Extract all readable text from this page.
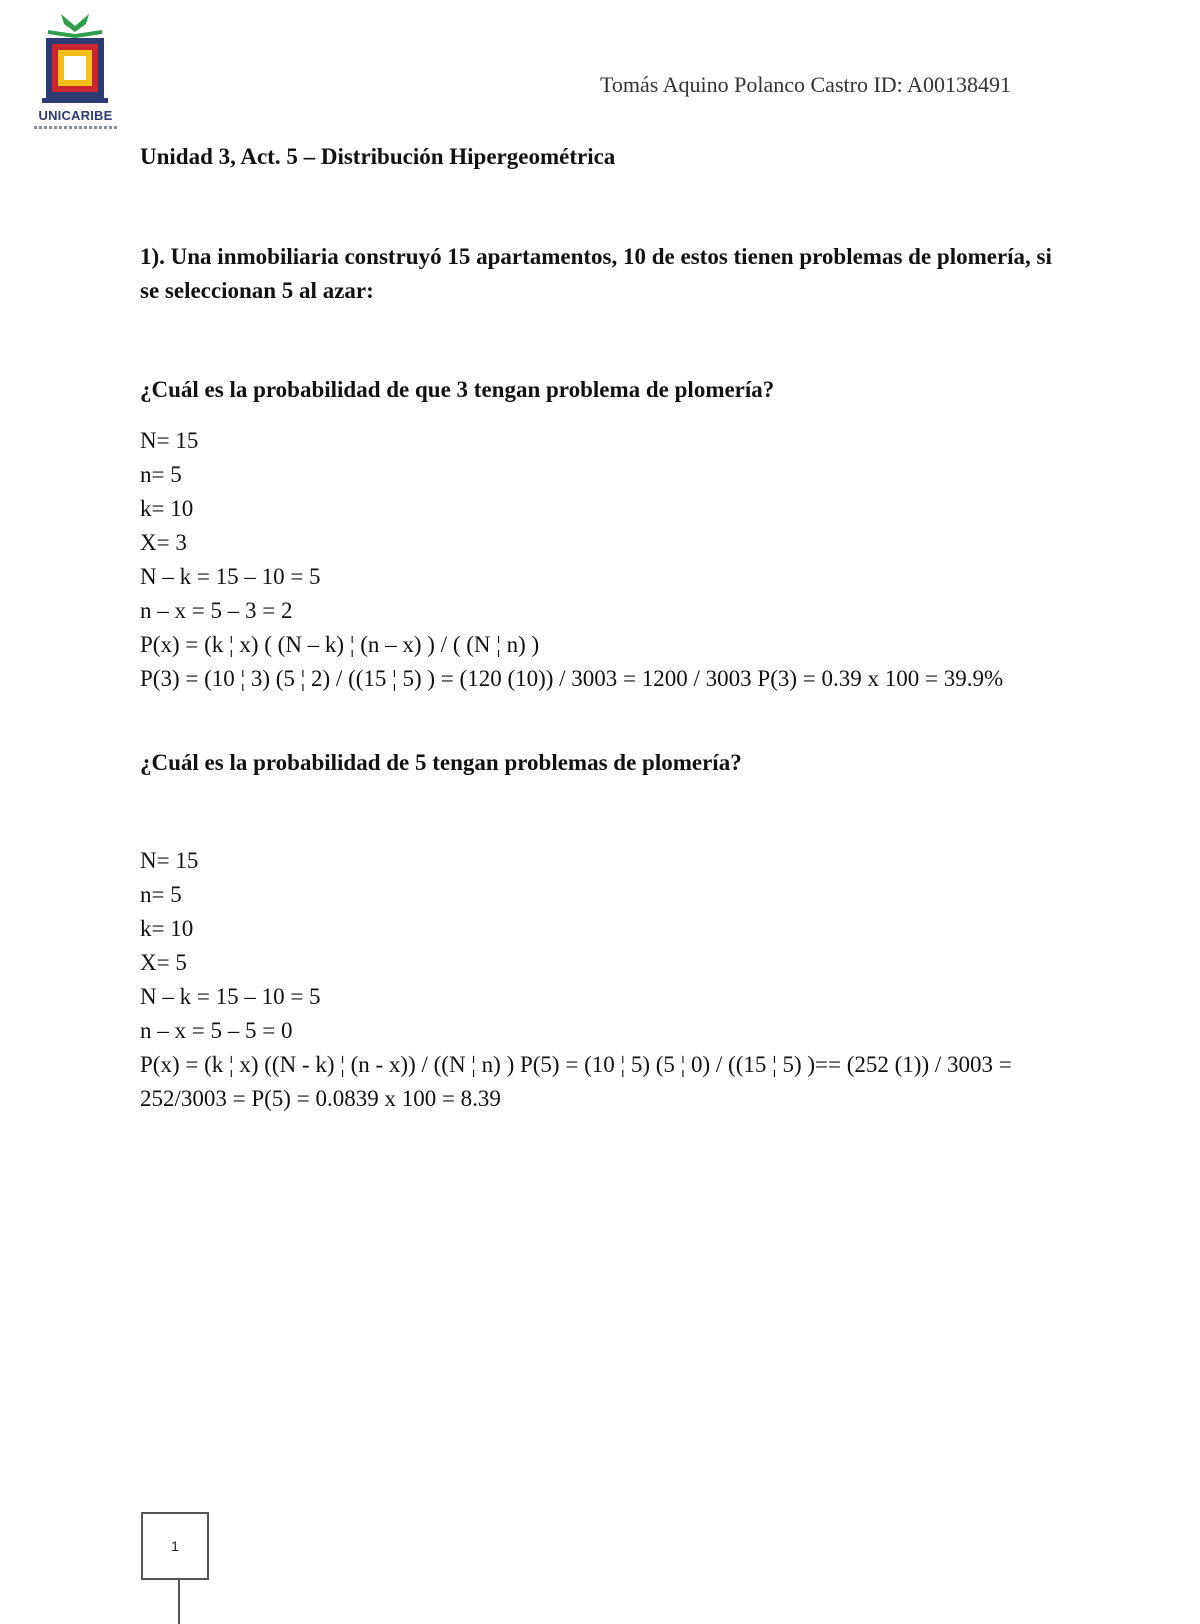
UNICARIBE
Tomás Aquino Polanco Castro ID: A00138491
Unidad 3, Act. 5 – Distribución Hipergeométrica
1). Una inmobiliaria construyó 15 apartamentos, 10 de estos tienen problemas de plomería, si se seleccionan 5 al azar:
¿Cuál es la probabilidad de que 3 tengan problema de plomería?
N= 15
n= 5
k= 10
X= 3
N – k = 15 – 10 = 5
n – x = 5 – 3 = 2
P(x) = (k ¦ x) ( (N – k) ¦ (n – x) ) / ( (N ¦ n) )
P(3) = (10 ¦ 3) (5 ¦ 2) / ((15 ¦ 5) ) = (120 (10)) / 3003 = 1200 / 3003 P(3) = 0.39 x 100 = 39.9%
¿Cuál es la probabilidad de 5 tengan problemas de plomería?
N= 15
n= 5
k= 10
X= 5
N – k = 15 – 10 = 5
n – x = 5 – 5 = 0
P(x) = (k ¦ x) ((N - k) ¦ (n - x)) / ((N ¦ n) ) P(5) = (10 ¦ 5) (5 ¦ 0) / ((15 ¦ 5) )== (252 (1)) / 3003 = 252/3003 = P(5) = 0.0839 x 100 = 8.39
1
